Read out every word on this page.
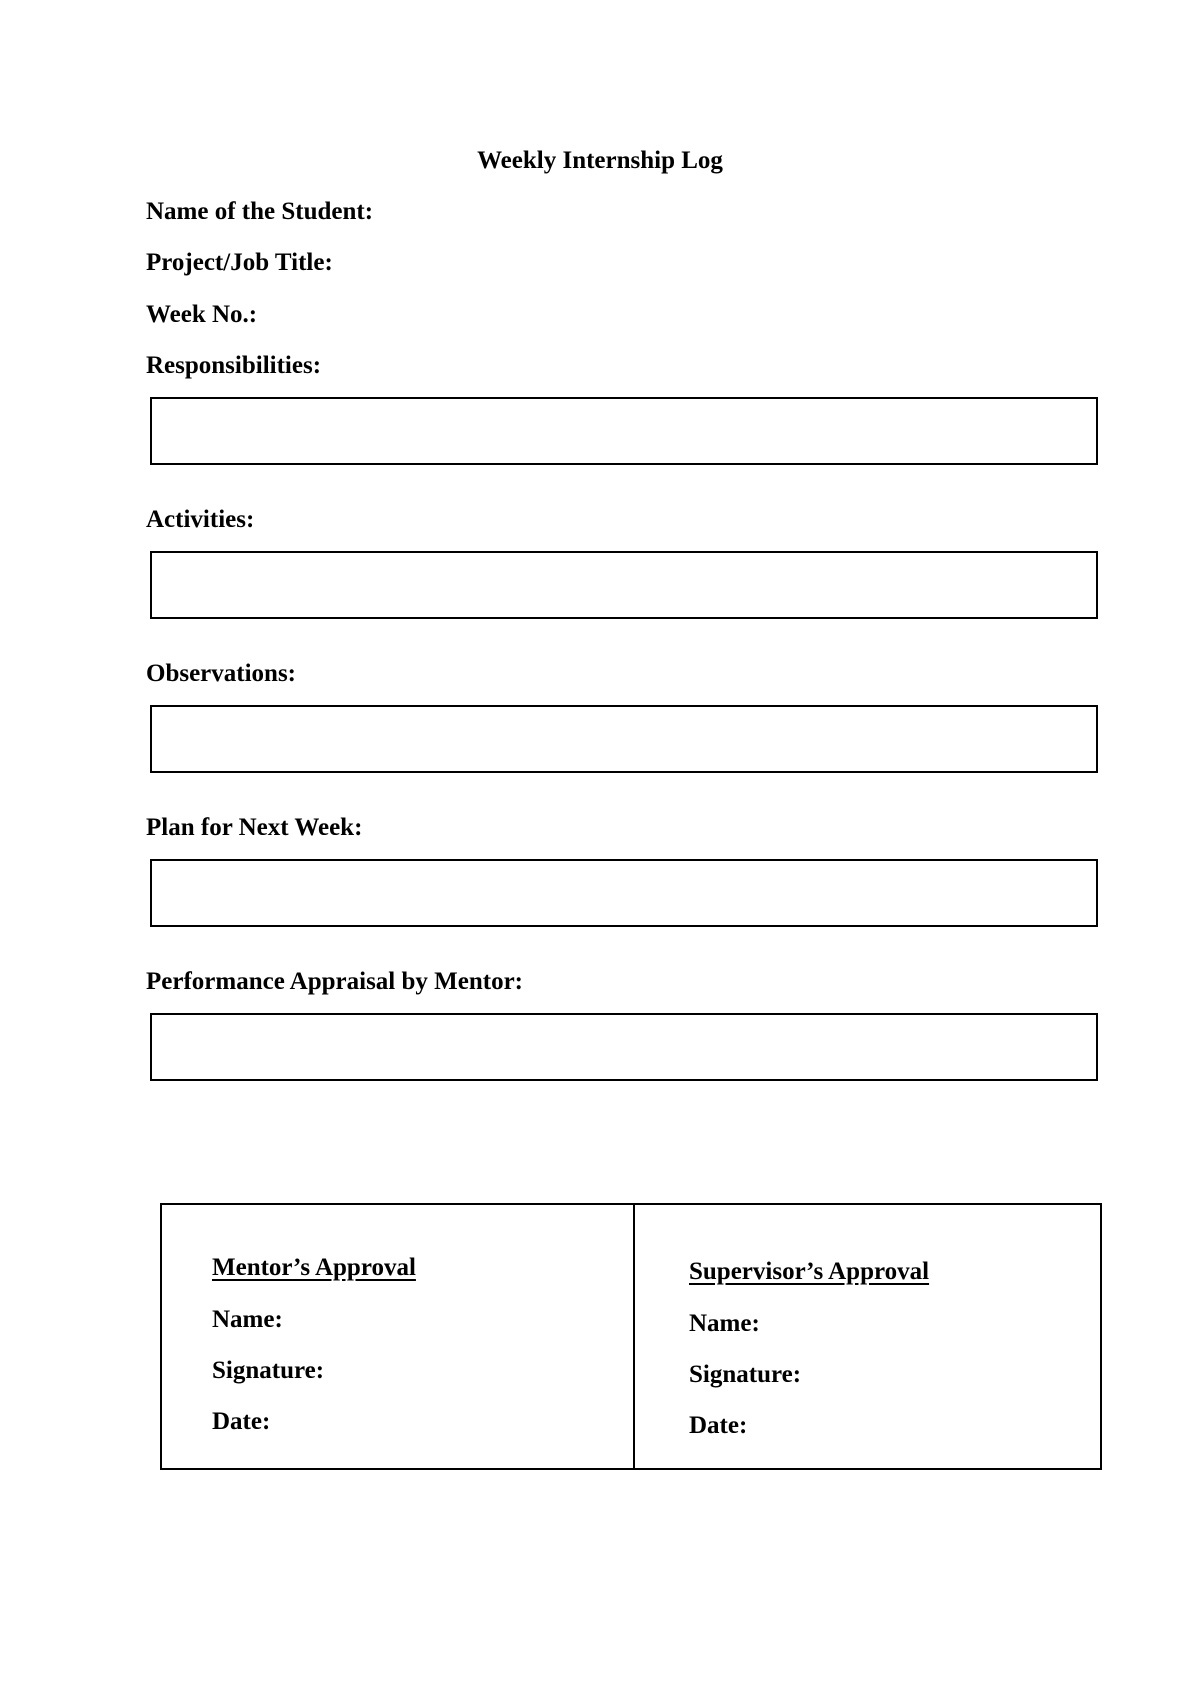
Weekly Internship Log
Name of the Student:
Project/Job Title:
Week No.:
Responsibilities:
Activities:
Observations:
Plan for Next Week:
Performance Appraisal by Mentor:
Mentor’s Approval
Name:
Signature:
Date:
Supervisor’s Approval
Name:
Signature:
Date:
